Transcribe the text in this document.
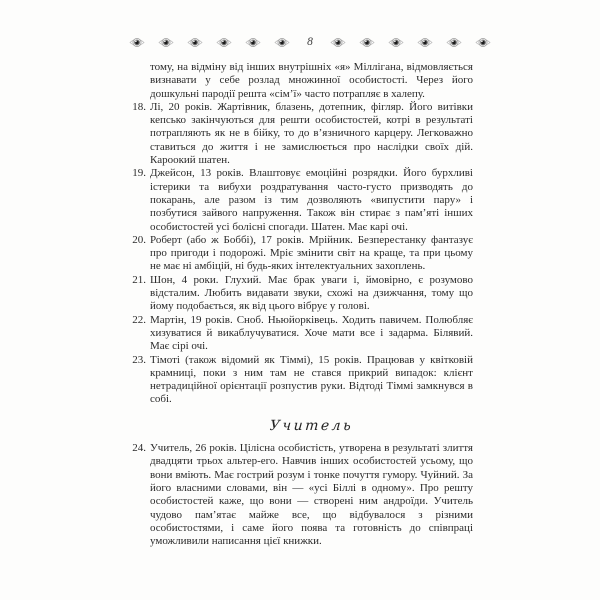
8

тому, на відміну від інших внутрішніх «я» Міллігана, відмовляється визнавати у себе розлад множинної особистості. Через його дошкульні пародії решта «сім’ї» часто потрапляє в халепу.

18. Лі, 20 років. Жартівник, блазень, дотепник, фігляр. Його витівки кепсько закінчуються для решти особистостей, котрі в результаті потрапляють як не в бійку, то до в’язничного карцеру. Легковажно ставиться до життя і не замислюється про наслідки своїх дій. Кароокий шатен.
19. Джейсон, 13 років. Влаштовує емоційні розрядки. Його бурхливі істерики та вибухи роздратування часто-густо призводять до покарань, але разом із тим дозволяють «випустити пару» і позбутися зайвого напруження. Також він стирає з пам’яті інших особистостей усі болісні спогади. Шатен. Має карі очі.
20. Роберт (або ж Боббі), 17 років. Мрійник. Безперестанку фантазує про пригоди і подорожі. Мріє змінити світ на краще, та при цьому не має ні амбіцій, ні будь-яких інтелектуальних захоплень.
21. Шон, 4 роки. Глухий. Має брак уваги і, ймовірно, є розумово відсталим. Любить видавати звуки, схожі на дзижчання, тому що йому подобається, як від цього вібрує у голові.
22. Мартін, 19 років. Сноб. Ньюйорківець. Ходить павичем. Полюбляє хизуватися й викаблучуватися. Хоче мати все і задарма. Білявий. Має сірі очі.
23. Тімоті (також відомий як Тіммі), 15 років. Працював у квітковій крамниці, поки з ним там не стався прикрий випадок: клієнт нетрадиційної орієнтації розпустив руки. Відтоді Тіммі замкнувся в собі.
Учитель
24. Учитель, 26 років. Цілісна особистість, утворена в результаті злиття двадцяти трьох альтер-его. Навчив інших особистостей усьому, що вони вміють. Має гострий розум і тонке почуття гумору. Чуйний. За його власними словами, він — «усі Біллі в одному». Про решту особистостей каже, що вони — створені ним андроїди. Учитель чудово пам’ятає майже все, що відбувалося з різними особистостями, і саме його поява та готовність до співпраці уможливили написання цієї книжки.
